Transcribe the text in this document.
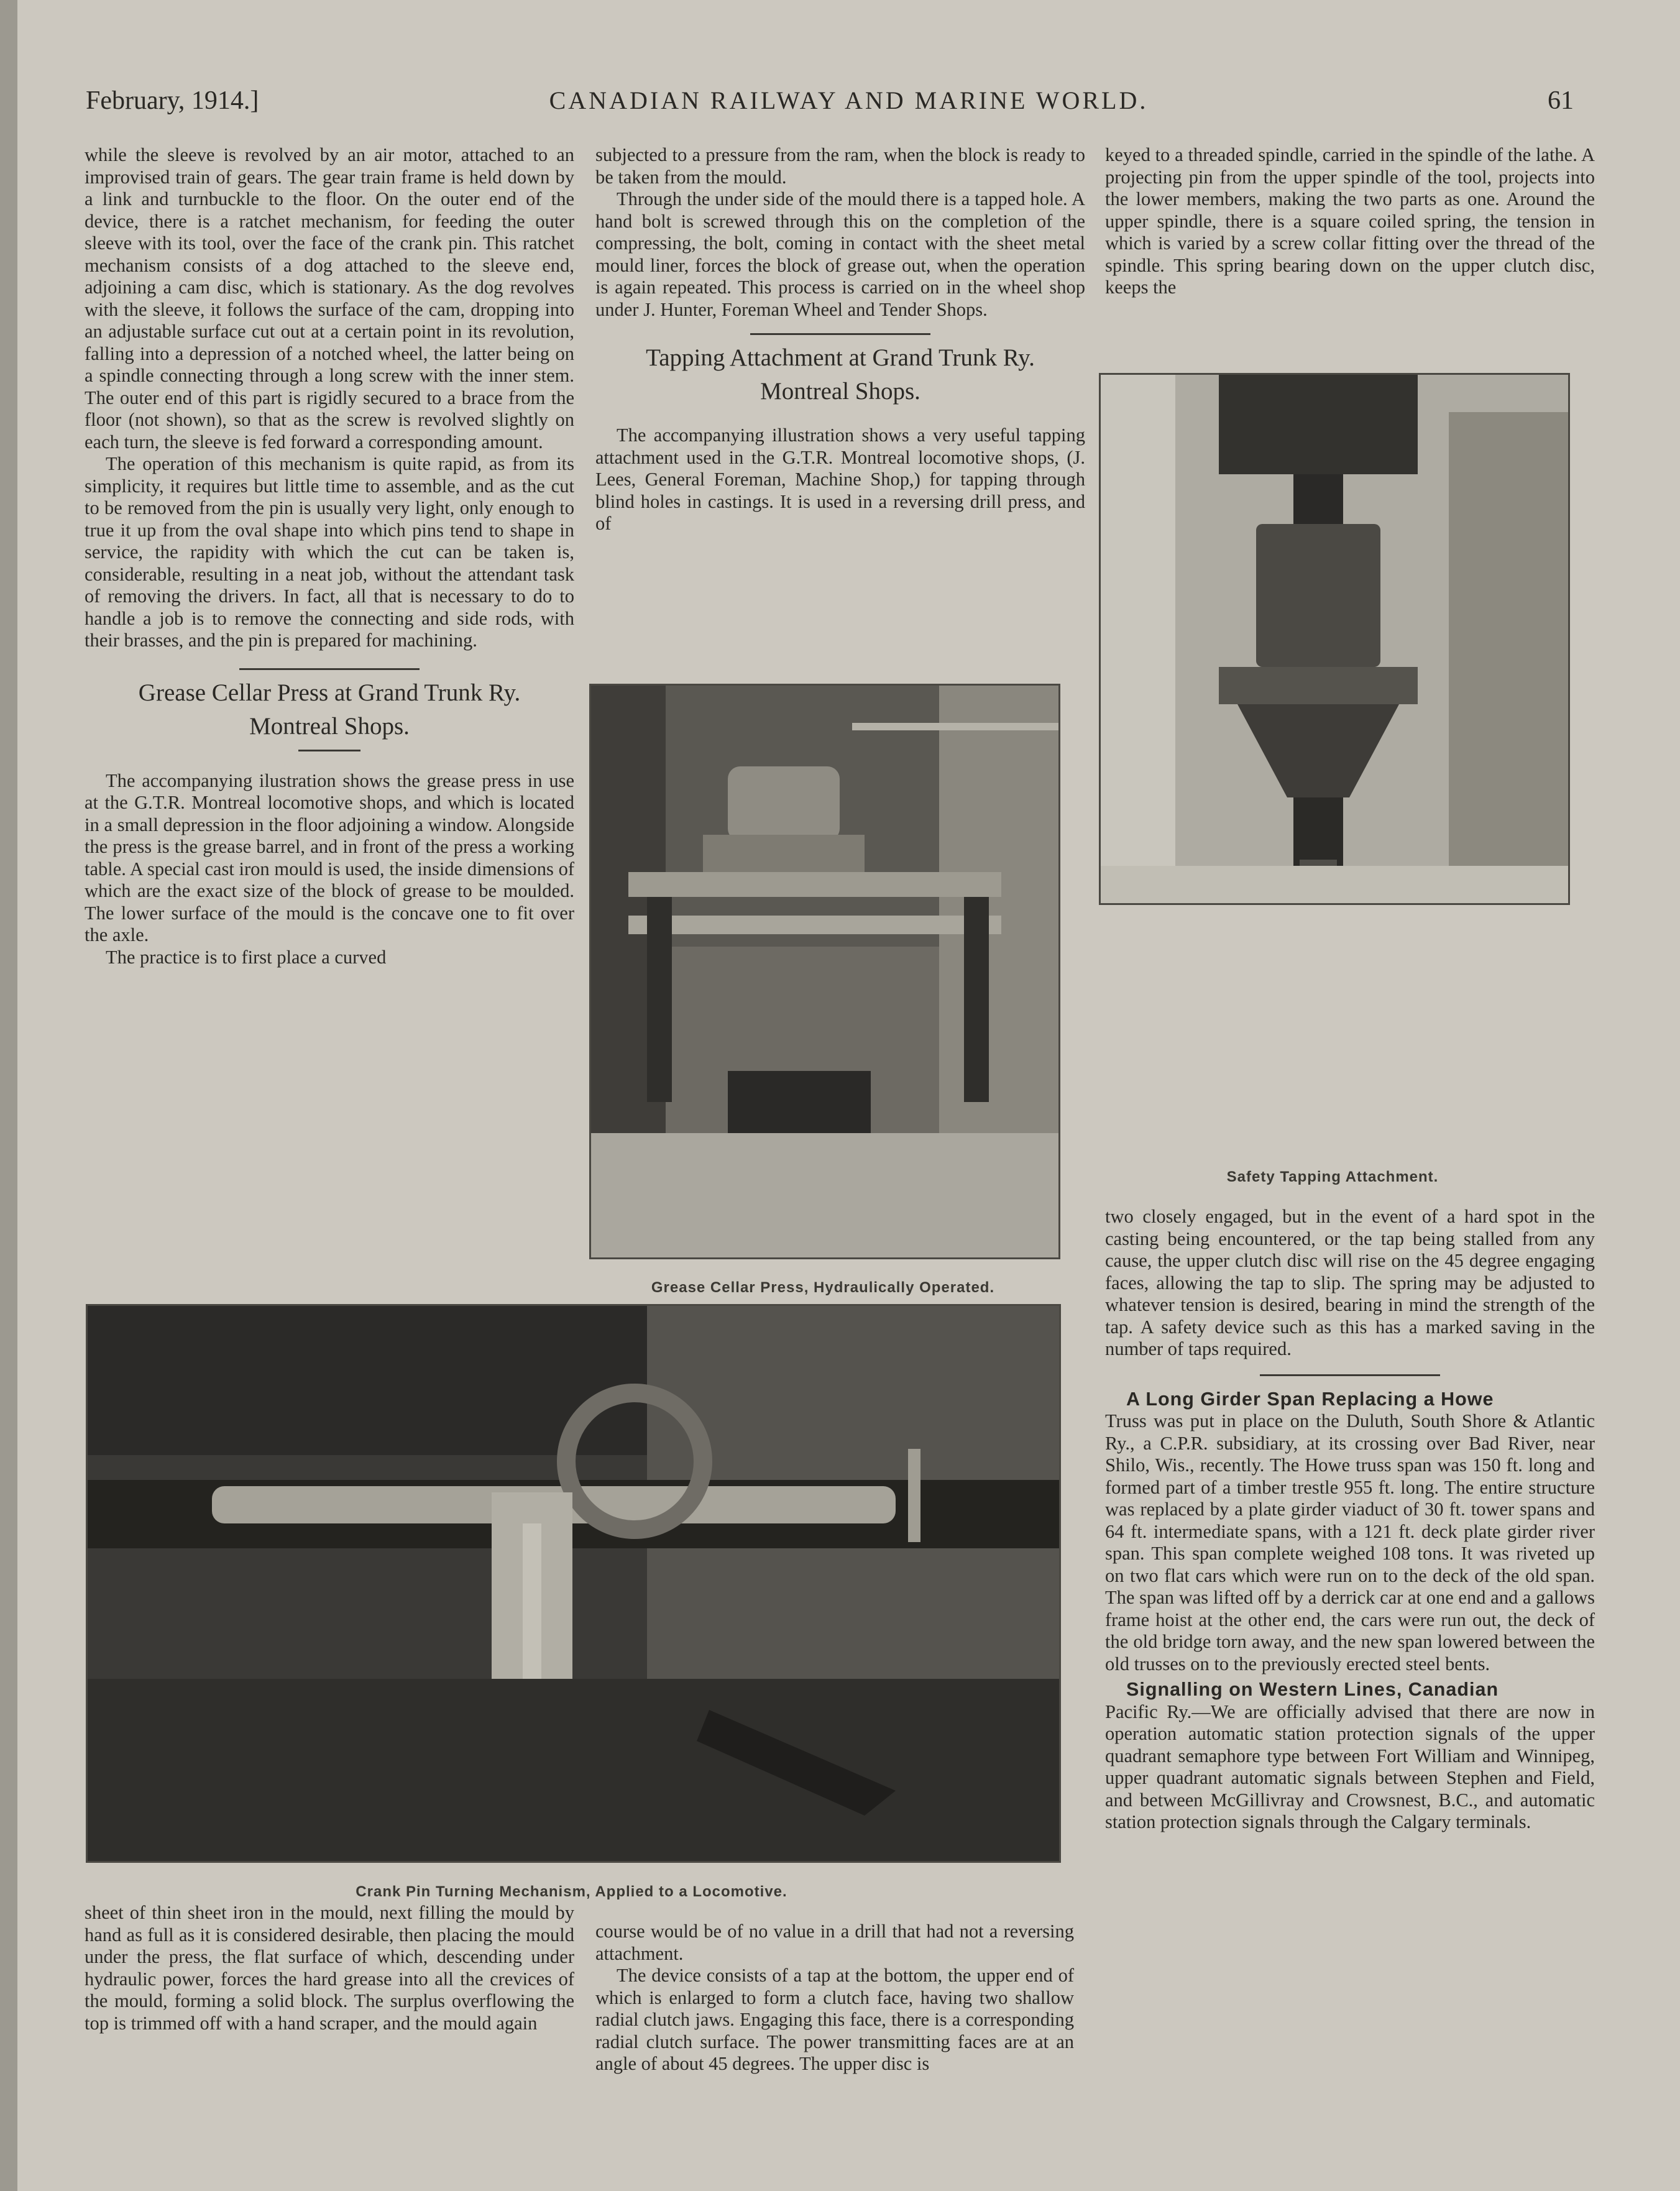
February, 1914.]	CANADIAN RAILWAY AND MARINE WORLD.	61

while the sleeve is revolved by an air motor, attached to an improvised train of gears. The gear train frame is held down by a link and turnbuckle to the floor. On the outer end of the device, there is a ratchet mechanism, for feeding the outer sleeve with its tool, over the face of the crank pin. This ratchet mechanism consists of a dog attached to the sleeve end, adjoining a cam disc, which is stationary. As the dog revolves with the sleeve, it follows the surface of the cam, dropping into an adjustable surface cut out at a certain point in its revolution, falling into a depression of a notched wheel, the latter being on a spindle connecting through a long screw with the inner stem. The outer end of this part is rigidly secured to a brace from the floor (not shown), so that as the screw is revolved slightly on each turn, the sleeve is fed forward a corresponding amount.

The operation of this mechanism is quite rapid, as from its simplicity, it requires but little time to assemble, and as the cut to be removed from the pin is usually very light, only enough to true it up from the oval shape into which pins tend to shape in service, the rapidity with which the cut can be taken is, considerable, resulting in a neat job, without the attendant task of removing the drivers. In fact, all that is necessary to do to handle a job is to remove the connecting and side rods, with their brasses, and the pin is prepared for machining.

Grease Cellar Press at Grand Trunk Ry.
Montreal Shops.

The accompanying ilustration shows the grease press in use at the G.T.R. Montreal locomotive shops, and which is located in a small depression in the floor adjoining a window. Alongside the press is the grease barrel, and in front of the press a working table. A special cast iron mould is used, the inside dimensions of which are the exact size of the block of grease to be moulded. The lower surface of the mould is the concave one to fit over the axle.

The practice is to first place a curved

subjected to a pressure from the ram, when the block is ready to be taken from the mould.

Through the under side of the mould there is a tapped hole. A hand bolt is screwed through this on the completion of the compressing, the bolt, coming in contact with the sheet metal mould liner, forces the block of grease out, when the operation is again repeated. This process is carried on in the wheel shop under J. Hunter, Foreman Wheel and Tender Shops.

Tapping Attachment at Grand Trunk Ry.
Montreal Shops.

The accompanying illustration shows a very useful tapping attachment used in the G.T.R. Montreal locomotive shops, (J. Lees, General Foreman, Machine Shop,) for tapping through blind holes in castings. It is used in a reversing drill press, and of

keyed to a threaded spindle, carried in the spindle of the lathe. A projecting pin from the upper spindle of the tool, projects into the lower members, making the two parts as one. Around the upper spindle, there is a square coiled spring, the tension in which is varied by a screw collar fitting over the thread of the spindle. This spring bearing down on the upper clutch disc, keeps the

two closely engaged, but in the event of a hard spot in the casting being encountered, or the tap being stalled from any cause, the upper clutch disc will rise on the 45 degree engaging faces, allowing the tap to slip. The spring may be adjusted to whatever tension is desired, bearing in mind the strength of the tap. A safety device such as this has a marked saving in the number of taps required.

A Long Girder Span Replacing a Howe
Truss was put in place on the Duluth, South Shore & Atlantic Ry., a C.P.R. subsidiary, at its crossing over Bad River, near Shilo, Wis., recently. The Howe truss span was 150 ft. long and formed part of a timber trestle 955 ft. long. The entire structure was replaced by a plate girder viaduct of 30 ft. tower spans and 64 ft. intermediate spans, with a 121 ft. deck plate girder river span. This span complete weighed 108 tons. It was riveted up on two flat cars which were run on to the deck of the old span. The span was lifted off by a derrick car at one end and a gallows frame hoist at the other end, the cars were run out, the deck of the old bridge torn away, and the new span lowered between the old trusses on to the previously erected steel bents.

Signalling on Western Lines, Canadian
Pacific Ry.—We are officially advised that there are now in operation automatic station protection signals of the upper quadrant semaphore type between Fort William and Winnipeg, upper quadrant automatic signals between Stephen and Field, and between McGillivray and Crowsnest, B.C., and automatic station protection signals through the Calgary terminals.

sheet of thin sheet iron in the mould, next filling the mould by hand as full as it is considered desirable, then placing the mould under the press, the flat surface of which, descending under hydraulic power, forces the hard grease into all the crevices of the mould, forming a solid block. The surplus overflowing the top is trimmed off with a hand scraper, and the mould again

course would be of no value in a drill that had not a reversing attachment.

The device consists of a tap at the bottom, the upper end of which is enlarged to form a clutch face, having two shallow radial clutch jaws. Engaging this face, there is a corresponding radial clutch surface. The power transmitting faces are at an angle of about 45 degrees. The upper disc is

Grease Cellar Press, Hydraulically Operated.
Safety Tapping Attachment.
Crank Pin Turning Mechanism, Applied to a Locomotive.
